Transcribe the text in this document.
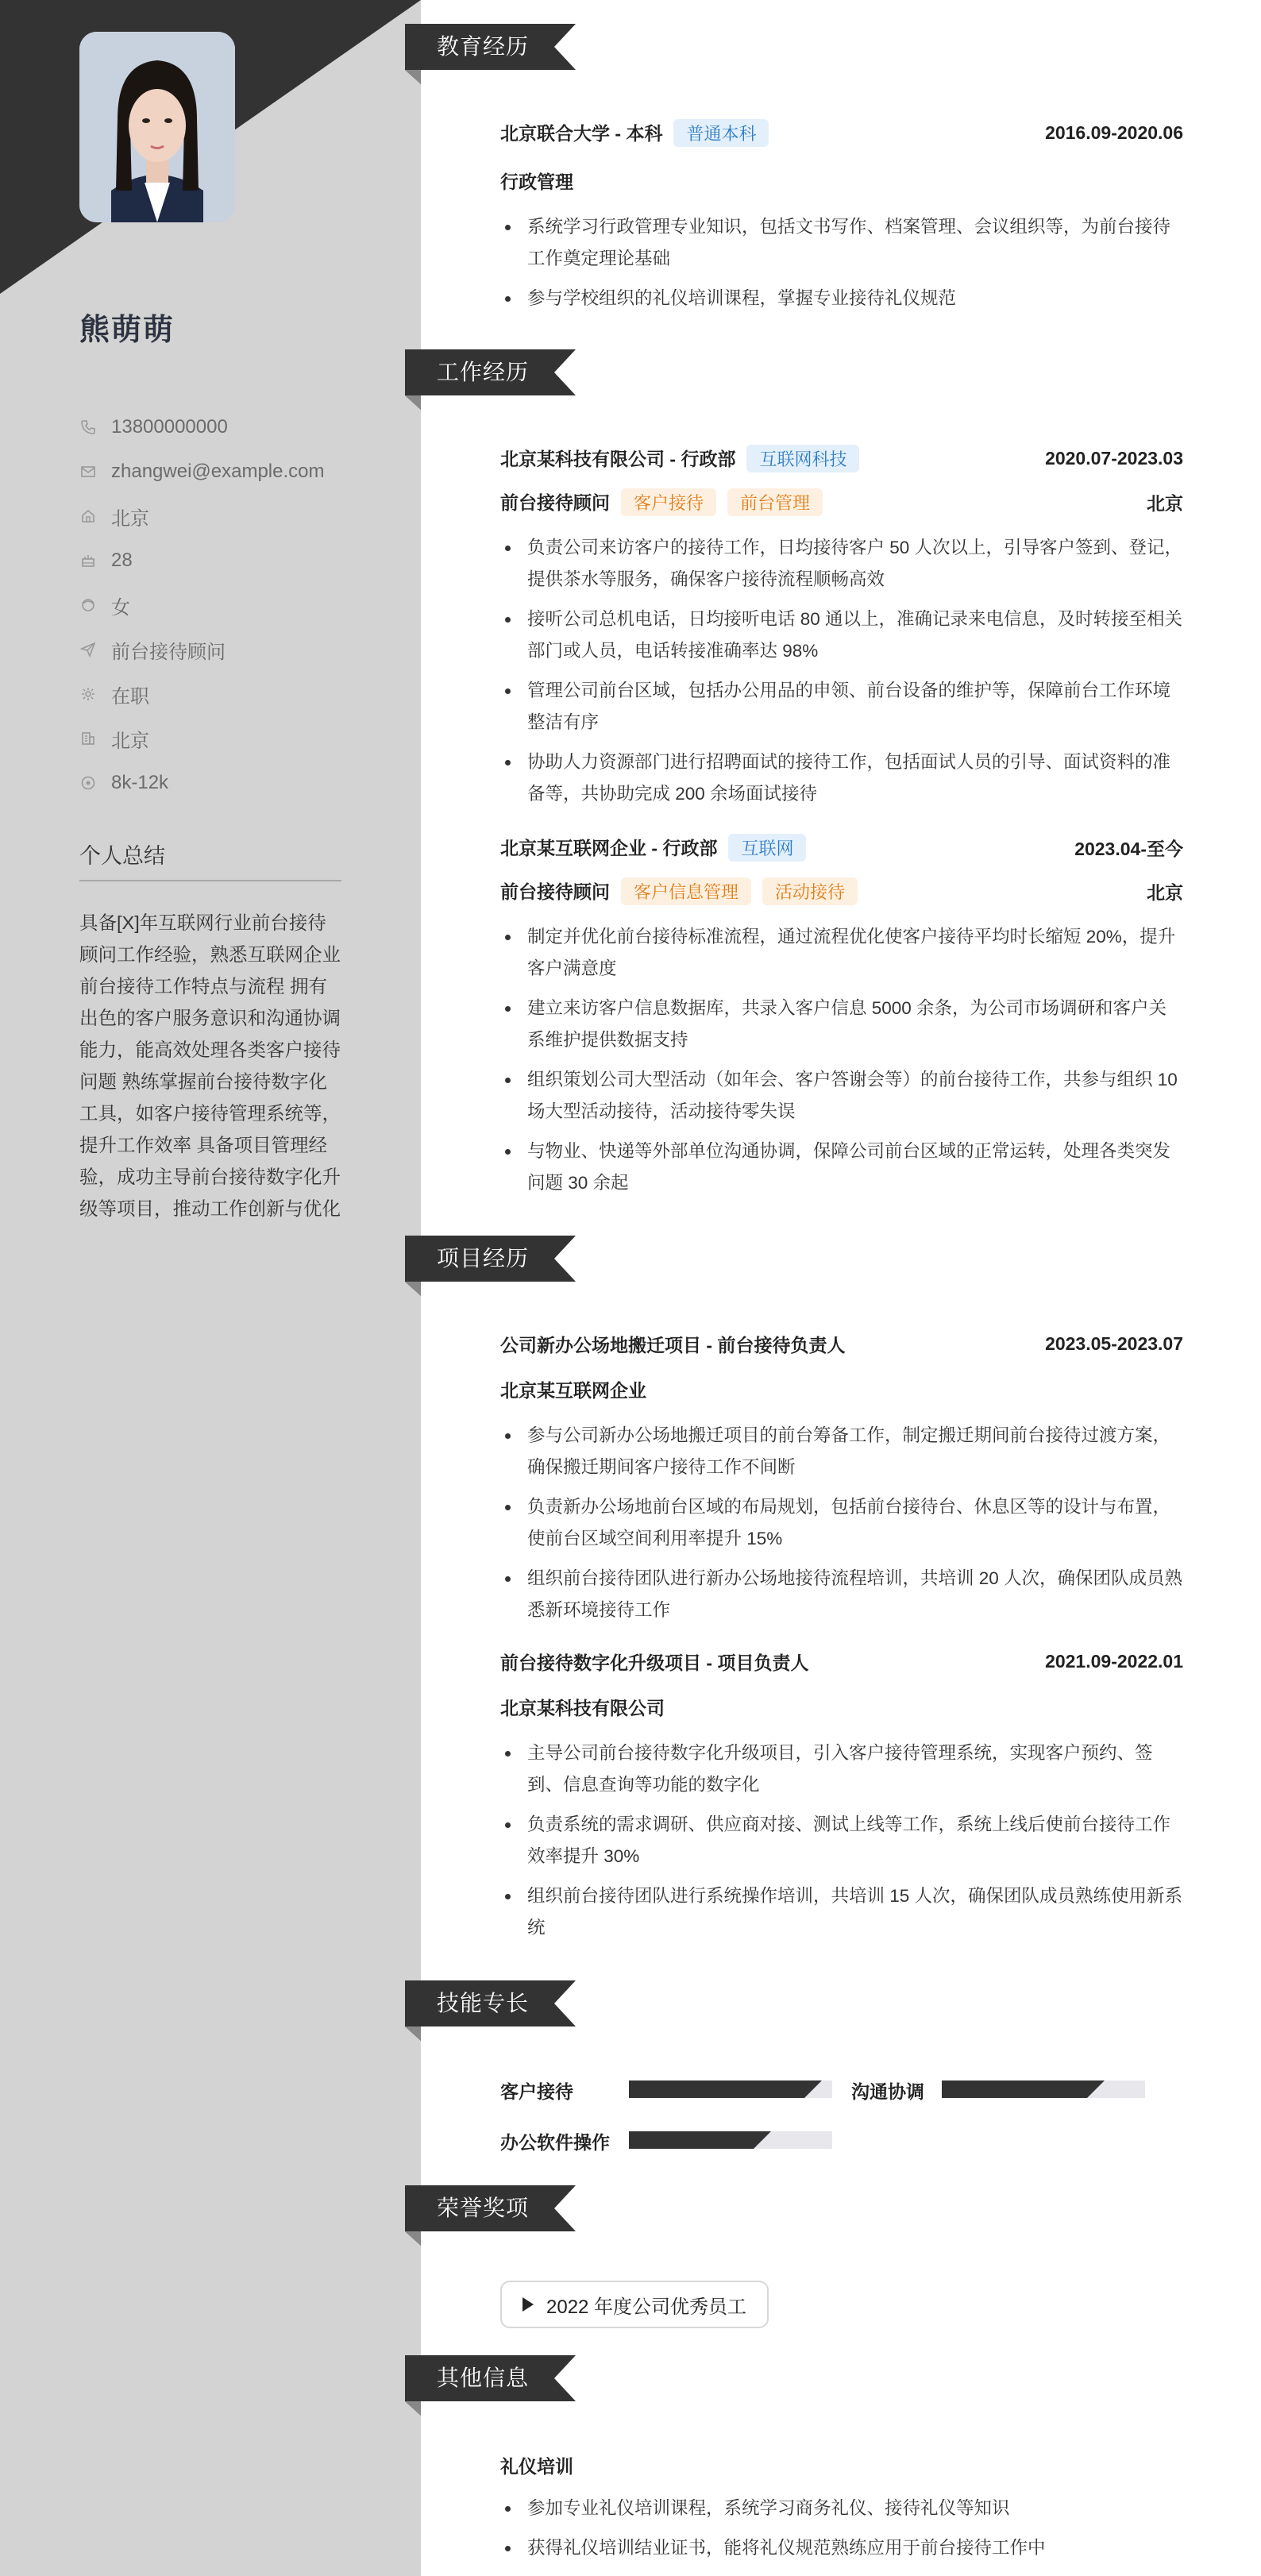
熊萌萌
13800000000
zhangwei@example.com
北京
28
女
前台接待顾问
在职
北京
8k-12k
个人总结
具备[X]年互联网行业前台接待顾问工作经验，熟悉互联网企业前台接待工作特点与流程 拥有出色的客户服务意识和沟通协调能力，能高效处理各类客户接待问题 熟练掌握前台接待数字化工具，如客户接待管理系统等，提升工作效率 具备项目管理经验，成功主导前台接待数字化升级等项目，推动工作创新与优化
教育经历
工作经历
项目经历
技能专长
荣誉奖项
其他信息
北京联合大学 - 本科 普通本科	2016.09-2020.06
行政管理
系统学习行政管理专业知识，包括文书写作、档案管理、会议组织等，为前台接待工作奠定理论基础
参与学校组织的礼仪培训课程，掌握专业接待礼仪规范
北京某科技有限公司 - 行政部 互联网科技	2020.07-2023.03
前台接待顾问 客户接待 前台管理	北京
负责公司来访客户的接待工作，日均接待客户 50 人次以上，引导客户签到、登记，提供茶水等服务，确保客户接待流程顺畅高效
接听公司总机电话，日均接听电话 80 通以上，准确记录来电信息，及时转接至相关部门或人员，电话转接准确率达 98%
管理公司前台区域，包括办公用品的申领、前台设备的维护等，保障前台工作环境整洁有序
协助人力资源部门进行招聘面试的接待工作，包括面试人员的引导、面试资料的准备等，共协助完成 200 余场面试接待
北京某互联网企业 - 行政部 互联网	2023.04-至今
前台接待顾问 客户信息管理 活动接待	北京
制定并优化前台接待标准流程，通过流程优化使客户接待平均时长缩短 20%，提升客户满意度
建立来访客户信息数据库，共录入客户信息 5000 余条，为公司市场调研和客户关系维护提供数据支持
组织策划公司大型活动（如年会、客户答谢会等）的前台接待工作，共参与组织 10 场大型活动接待，活动接待零失误
与物业、快递等外部单位沟通协调，保障公司前台区域的正常运转，处理各类突发问题 30 余起
公司新办公场地搬迁项目 - 前台接待负责人	2023.05-2023.07
北京某互联网企业
参与公司新办公场地搬迁项目的前台筹备工作，制定搬迁期间前台接待过渡方案，确保搬迁期间客户接待工作不间断
负责新办公场地前台区域的布局规划，包括前台接待台、休息区等的设计与布置，使前台区域空间利用率提升 15%
组织前台接待团队进行新办公场地接待流程培训，共培训 20 人次，确保团队成员熟悉新环境接待工作
前台接待数字化升级项目 - 项目负责人	2021.09-2022.01
北京某科技有限公司
主导公司前台接待数字化升级项目，引入客户接待管理系统，实现客户预约、签到、信息查询等功能的数字化
负责系统的需求调研、供应商对接、测试上线等工作，系统上线后使前台接待工作效率提升 30%
组织前台接待团队进行系统操作培训，共培训 15 人次，确保团队成员熟练使用新系统
客户接待	沟通协调
办公软件操作
2022 年度公司优秀员工
礼仪培训
参加专业礼仪培训课程，系统学习商务礼仪、接待礼仪等知识
获得礼仪培训结业证书，能将礼仪规范熟练应用于前台接待工作中
